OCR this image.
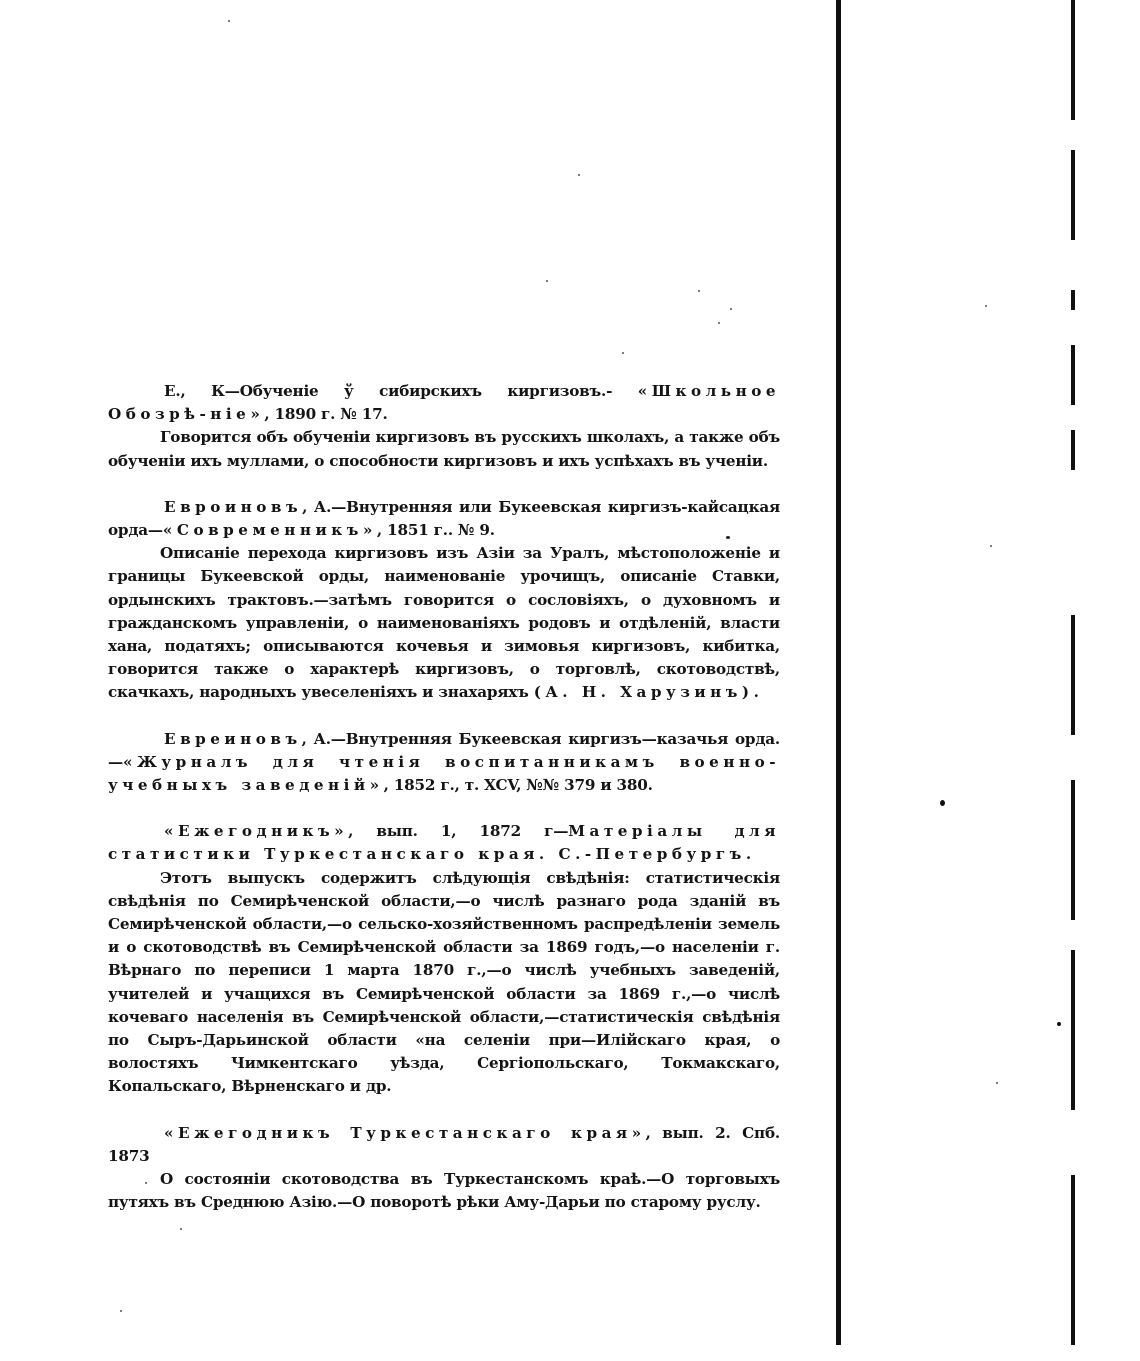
Е., К—Обученіе ў сибирскихъ киргизовъ.- «Школьное Обозрѣ-ніе», 1890 г. № 17.

Говорится объ обученіи киргизовъ въ русскихъ школахъ, а также объ обученіи ихъ муллами, о способности киргизовъ и ихъ успѣхахъ въ ученіи.

Евроиновъ, А.—Внутренняя или Букеевская киргизъ-кайсацкая орда—«Современникъ», 1851 г.. № 9.

Описаніе перехода киргизовъ изъ Азіи за Уралъ, мѣстоположеніе и границы Букеевской орды, наименованіе урочищъ, описаніе Ставки, ордынскихъ трактовъ.—затѣмъ говорится о сословіяхъ, о духовномъ и гражданскомъ управленіи, о наименованіяхъ родовъ и отдѣленій, власти хана, податяхъ; описываются кочевья и зимовья киргизовъ, кибитка, говорится также о характерѣ киргизовъ, о торговлѣ, скотоводствѣ, скачкахъ, народныхъ увеселеніяхъ и знахаряхъ (А. Н. Харузинъ).

Евреиновъ, А.—Внутренняя Букеевская киргизъ—казачья орда.—«Журналъ для чтенія воспитанникамъ военно-учебныхъ заведеній», 1852 г., т. XCV, №№ 379 и 380.

«Ежегодникъ», вып. 1, 1872 г—Матеріалы для статистики Туркестанскаго края. С.-Петербургъ.

Этотъ выпускъ содержитъ слѣдующія свѣдѣнія: статистическія свѣдѣнія по Семирѣченской области,—о числѣ разнаго рода зданій въ Семирѣченской области,—о сельско-хозяйственномъ распредѣленіи земель и о скотоводствѣ въ Семирѣченской области за 1869 годъ,—о населеніи г. Вѣрнаго по переписи 1 марта 1870 г.,—о числѣ учебныхъ заведеній, учителей и учащихся въ Семирѣченской области за 1869 г.,—о числѣ кочеваго населенія въ Семирѣченской области,—статистическія свѣдѣнія по Сыръ-Дарьинской области «на селеніи при—Илійскаго края, о волостяхъ Чимкентскаго уѣзда, Сергіопольскаго, Токмакскаго, Копальскаго, Вѣрненскаго и др.

«Ежегодникъ Туркестанскаго края», вып. 2. Спб. 1873

О состояніи скотоводства въ Туркестанскомъ краѣ.—О торговыхъ путяхъ въ Среднюю Азію.—О поворотѣ рѣки Аму-Дарьи по старому руслу.
